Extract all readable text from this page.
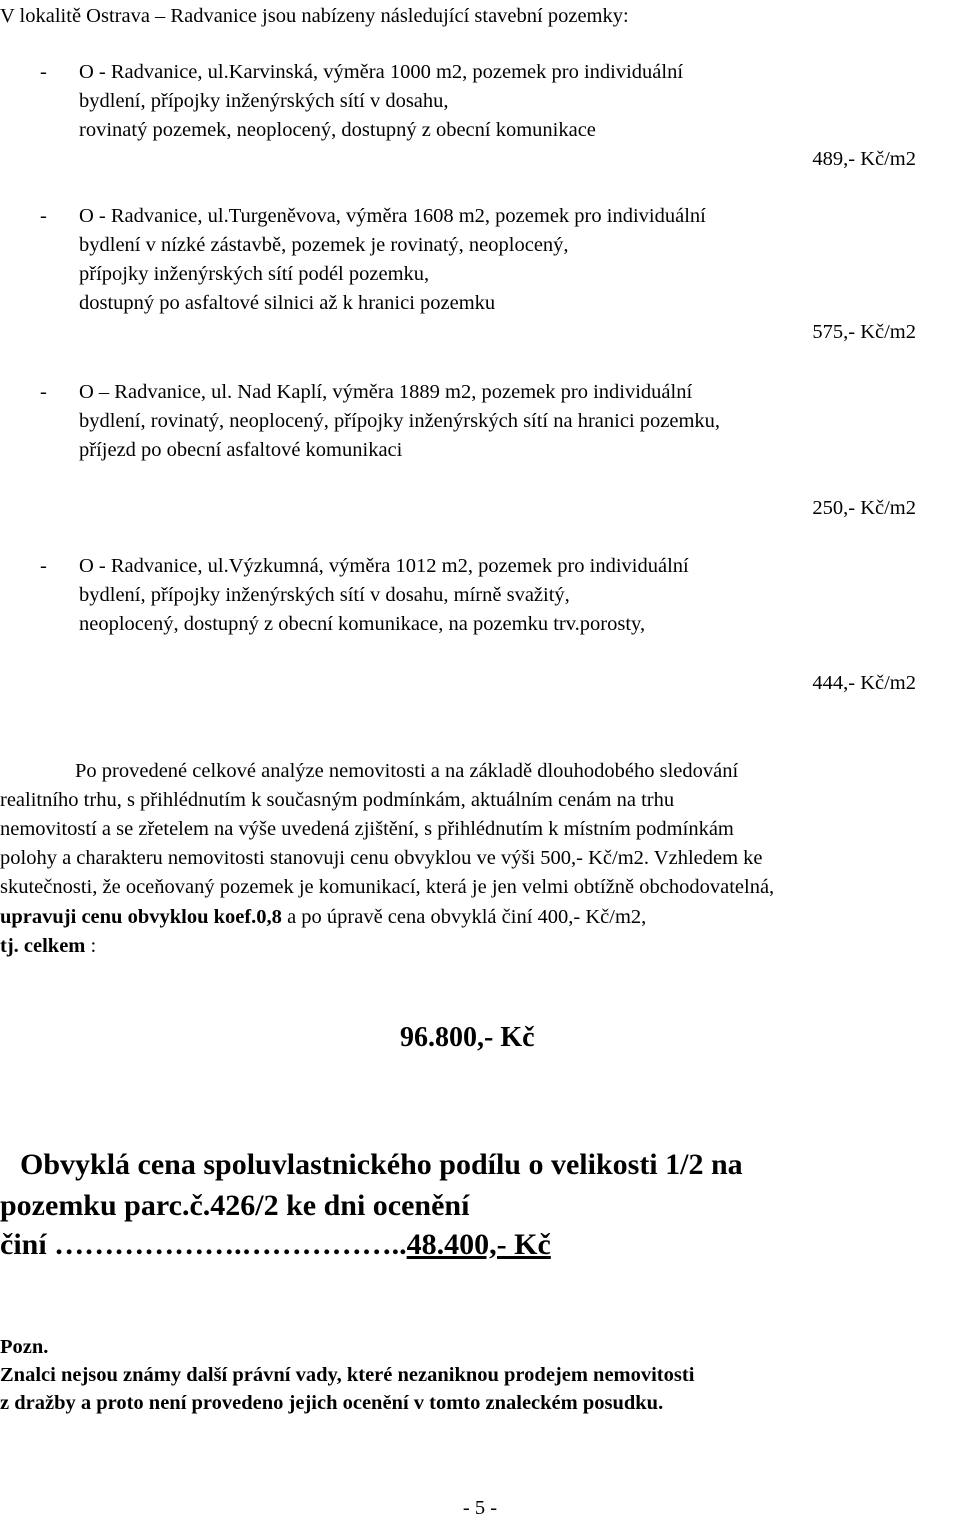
V lokalitě Ostrava – Radvanice jsou nabízeny následující stavební pozemky:
- O - Radvanice, ul.Karvinská, výměra 1000 m2, pozemek pro individuální
bydlení, přípojky inženýrských sítí v dosahu,
rovinatý pozemek, neoplocený, dostupný z obecní komunikace
489,- Kč/m2
- O - Radvanice, ul.Turgeněvova, výměra 1608 m2, pozemek pro individuální
bydlení v nízké zástavbě, pozemek je rovinatý, neoplocený,
přípojky inženýrských sítí podél pozemku,
dostupný po asfaltové silnici až k hranici pozemku
575,- Kč/m2
- O – Radvanice, ul. Nad Kaplí, výměra 1889 m2, pozemek pro individuální
bydlení, rovinatý, neoplocený, přípojky inženýrských sítí na hranici pozemku,
příjezd po obecní asfaltové komunikaci
250,- Kč/m2
- O - Radvanice, ul.Výzkumná, výměra 1012 m2, pozemek pro individuální
bydlení, přípojky inženýrských sítí v dosahu, mírně svažitý,
neoplocený, dostupný z obecní komunikace, na pozemku trv.porosty,
444,- Kč/m2
Po provedené celkové analýze nemovitosti a na základě dlouhodobého sledování
realitního trhu, s přihlédnutím k současným podmínkám, aktuálním cenám na trhu
nemovitostí a se zřetelem na výše uvedená zjištění, s přihlédnutím k místním podmínkám
polohy a charakteru nemovitosti stanovuji cenu obvyklou ve výši 500,- Kč/m2. Vzhledem ke
skutečnosti, že oceňovaný pozemek je komunikací, která je jen velmi obtížně obchodovatelná,
upravuji cenu obvyklou koef.0,8 a po úpravě cena obvyklá činí 400,- Kč/m2,
tj. celkem :
96.800,- Kč
Obvyklá cena spoluvlastnického podílu o velikosti 1/2 na
pozemku parc.č.426/2 ke dni ocenění
činí ……………….……………..48.400,- Kč
Pozn.
Znalci nejsou známy další právní vady, které nezaniknou prodejem nemovitosti
z dražby a proto není provedeno jejich ocenění v tomto znaleckém posudku.
- 5 -
